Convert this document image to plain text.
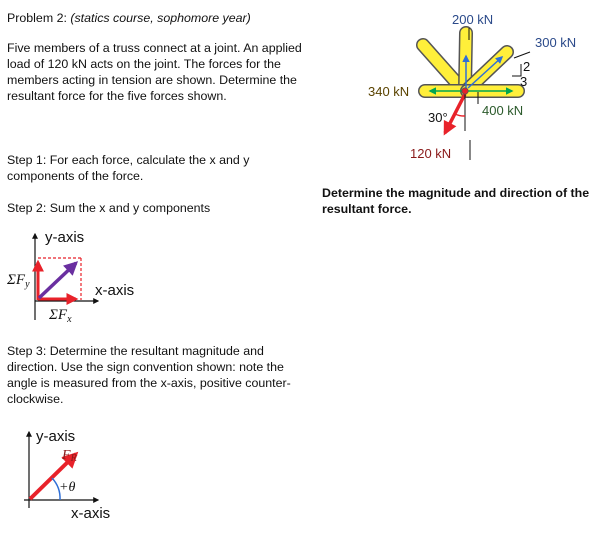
Problem 2: (statics course, sophomore year)
Five members of a truss connect at a joint. An applied
load of 120 kN acts on the joint. The forces for the
members acting in tension are shown. Determine the
resultant force for the five forces shown.
Step 1: For each force, calculate the x and y
components of the force.
Step 2: Sum the x and y components
Step 3: Determine the resultant magnitude and
direction. Use the sign convention shown: note the
angle is measured from the x-axis, positive counter-
clockwise.
Determine the magnitude and direction of the
resultant force.
200 kN
300 kN
340 kN
400 kN
120 kN
30°
2
3
y-axis
x-axis
$\Sigma F_y$
$\Sigma F_x$
y-axis
x-axis
FR
+θ
